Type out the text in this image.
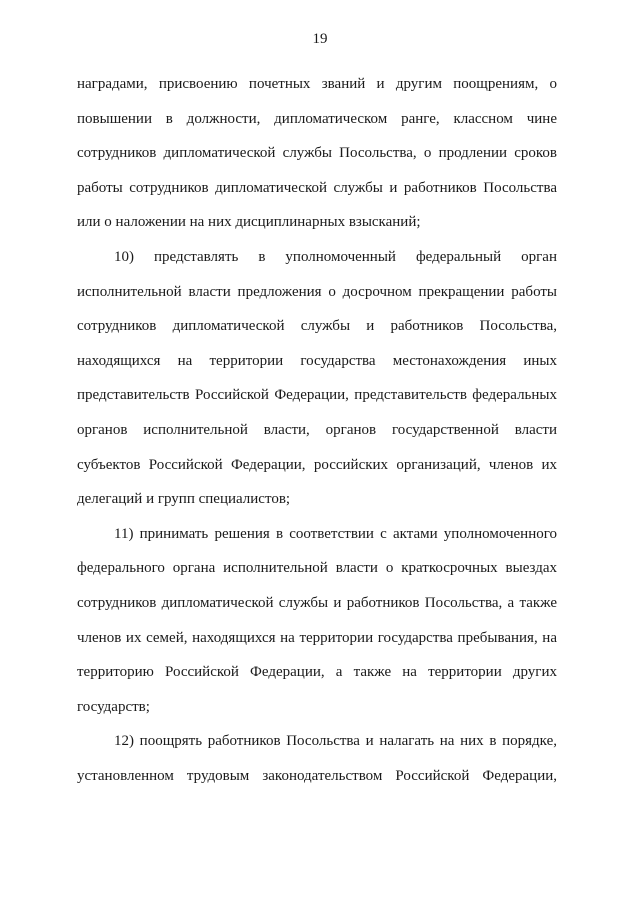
19
наградами, присвоению почетных званий и другим поощрениям, о
повышении в должности, дипломатическом ранге, классном чине
сотрудников дипломатической службы Посольства, о продлении сроков
работы сотрудников дипломатической службы и работников Посольства
или о наложении на них дисциплинарных взысканий;
10) представлять в уполномоченный федеральный орган
исполнительной власти предложения о досрочном прекращении работы
сотрудников дипломатической службы и работников Посольства,
находящихся на территории государства местонахождения иных
представительств Российской Федерации, представительств федеральных
органов исполнительной власти, органов государственной власти
субъектов Российской Федерации, российских организаций, членов их
делегаций и групп специалистов;
11) принимать решения в соответствии с актами уполномоченного
федерального органа исполнительной власти о краткосрочных выездах
сотрудников дипломатической службы и работников Посольства, а также
членов их семей, находящихся на территории государства пребывания, на
территорию Российской Федерации, а также на территории других
государств;
12) поощрять работников Посольства и налагать на них в порядке,
установленном трудовым законодательством Российской Федерации,
